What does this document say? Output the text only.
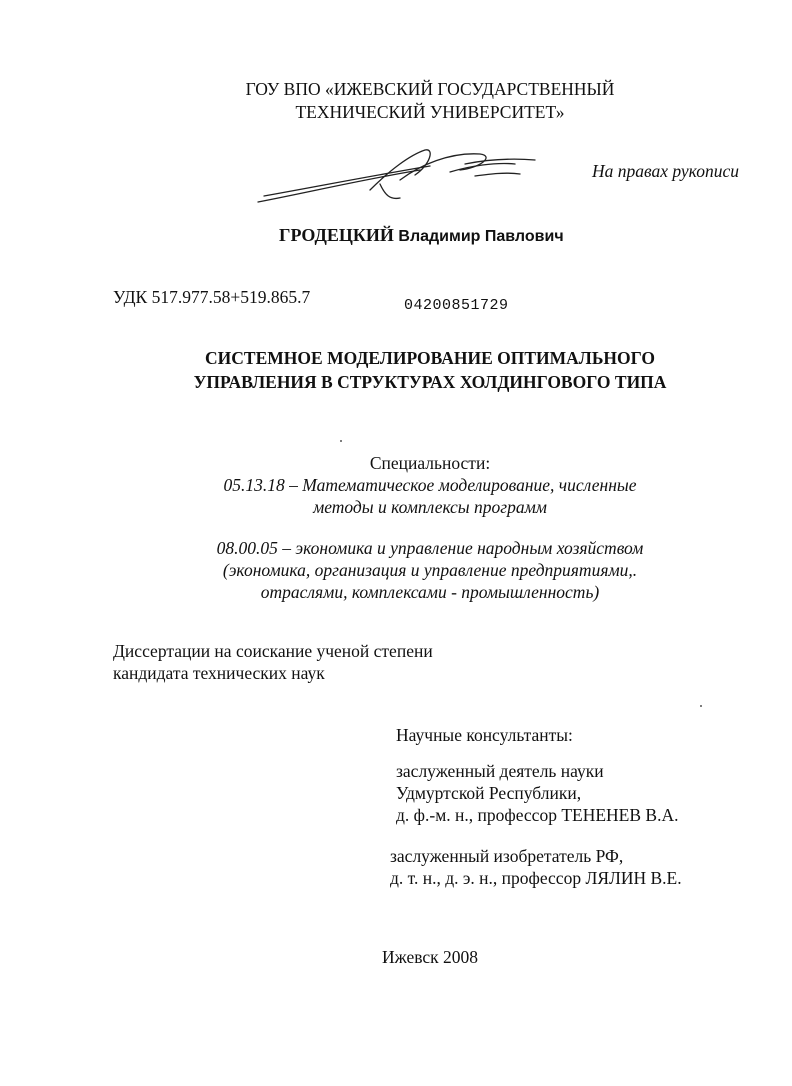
ГОУ ВПО «ИЖЕВСКИЙ ГОСУДАРСТВЕННЫЙ
ТЕХНИЧЕСКИЙ УНИВЕРСИТЕТ»
На правах рукописи
ГРОДЕЦКИЙ Владимир Павлович
УДК 517.977.58+519.865.7	04200851729
СИСТЕМНОЕ МОДЕЛИРОВАНИЕ ОПТИМАЛЬНОГО
УПРАВЛЕНИЯ В СТРУКТУРАХ ХОЛДИНГОВОГО ТИПА
Специальности:
05.13.18 – Математическое моделирование, численные
методы и комплексы программ
08.00.05 – экономика и управление народным хозяйством
(экономика, организация и управление предприятиями,.
отраслями, комплексами - промышленность)
Диссертации на соискание ученой степени
кандидата технических наук
Научные консультанты:
заслуженный деятель науки
Удмуртской Республики,
д. ф.-м. н., профессор ТЕНЕНЕВ В.А.
заслуженный изобретатель РФ,
д. т. н., д. э. н., профессор ЛЯЛИН В.Е.
Ижевск 2008
